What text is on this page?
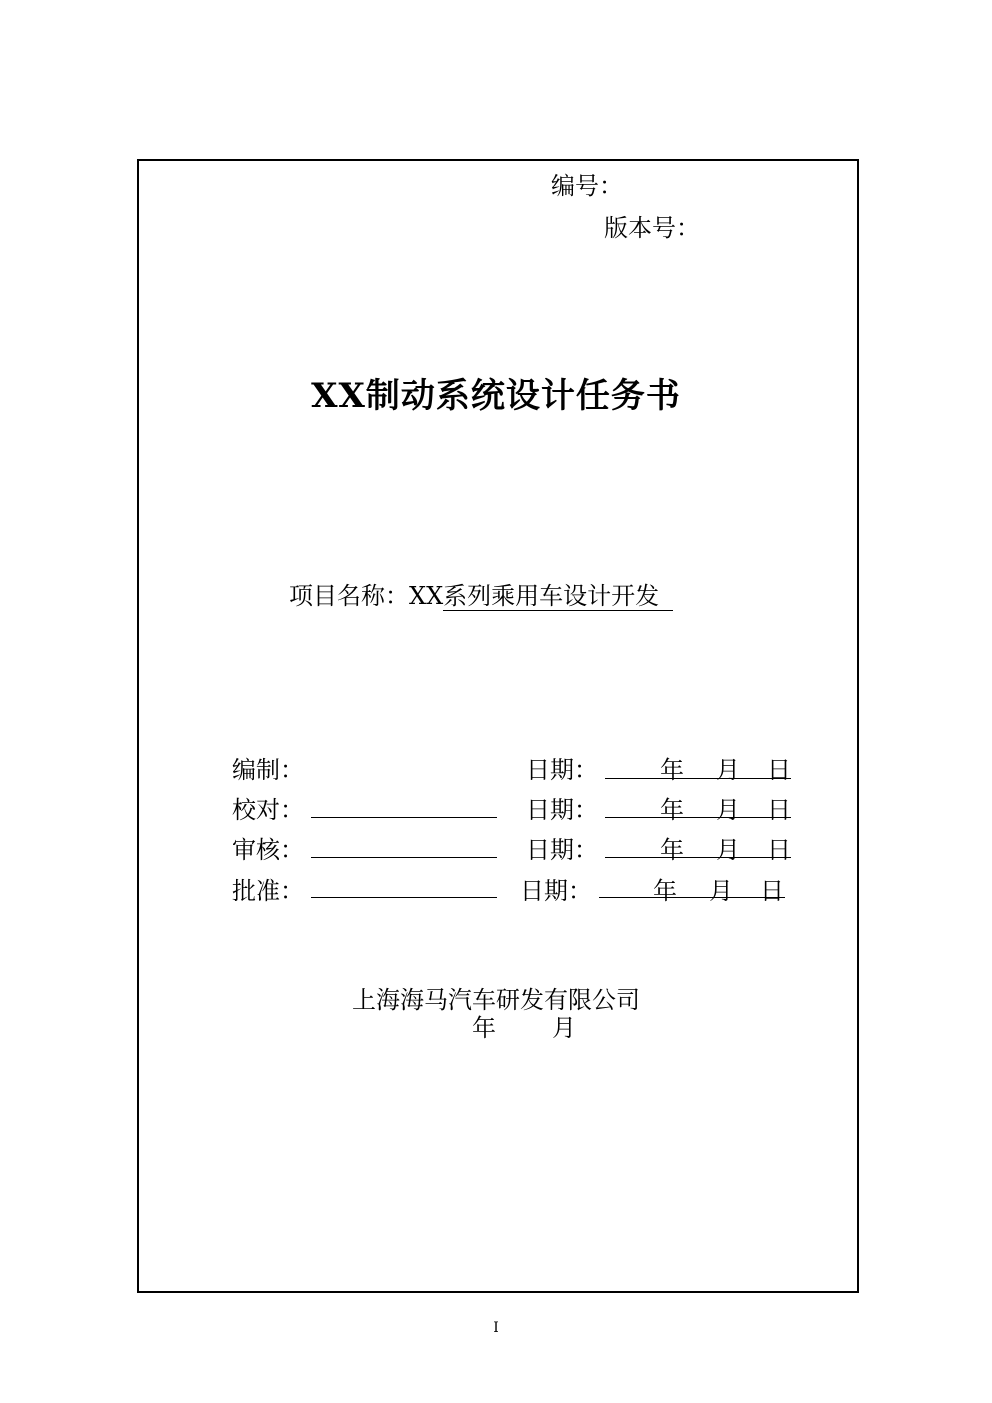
编号：
版本号：
XX制动系统设计任务书
项目名称：XX系列乘用车设计开发
编制：	日期：	年 月 日
校对：	日期：	年 月 日
审核：	日期：	年 月 日
批准：	日期：	年 月 日
上海海马汽车研发有限公司
年 月
I
